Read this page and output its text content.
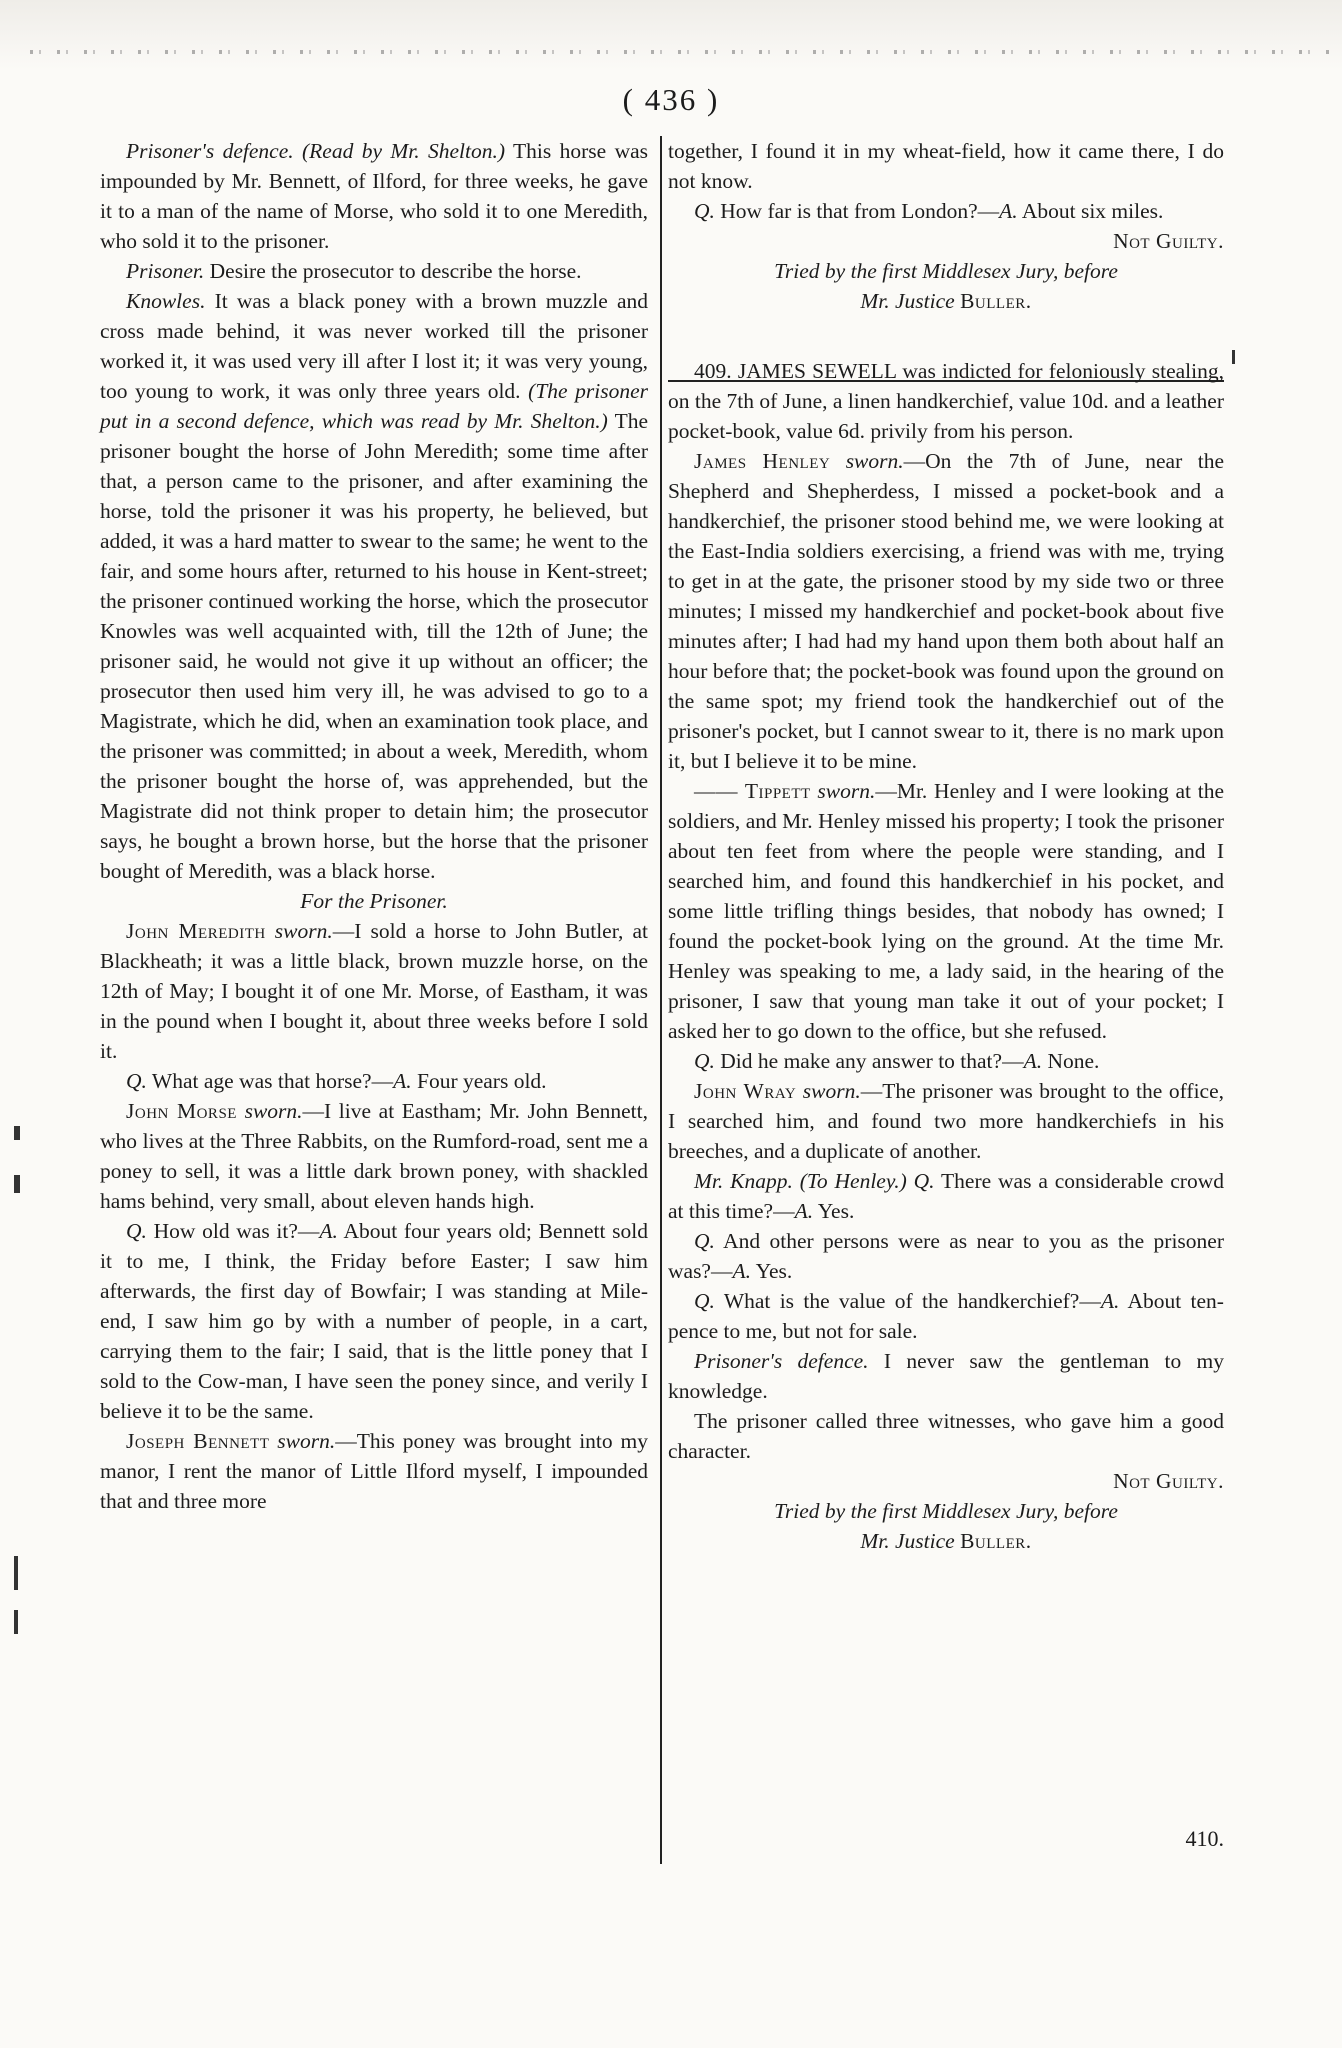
( 436 )

Prisoner's defence. (Read by Mr. Shelton.) This horse was impounded by Mr. Bennett, of Ilford, for three weeks, he gave it to a man of the name of Morse, who sold it to one Meredith, who sold it to the prisoner.

Prisoner. Desire the prosecutor to describe the horse.

Knowles. It was a black poney with a brown muzzle and cross made behind, it was never worked till the prisoner worked it, it was used very ill after I lost it; it was very young, too young to work, it was only three years old. (The prisoner put in a second defence, which was read by Mr. Shelton.) The prisoner bought the horse of John Meredith; some time after that, a person came to the prisoner, and after examining the horse, told the prisoner it was his property, he believed, but added, it was a hard matter to swear to the same; he went to the fair, and some hours after, returned to his house in Kent-street; the prisoner continued working the horse, which the prosecutor Knowles was well acquainted with, till the 12th of June; the prisoner said, he would not give it up without an officer; the prosecutor then used him very ill, he was advised to go to a Magistrate, which he did, when an examination took place, and the prisoner was committed; in about a week, Meredith, whom the prisoner bought the horse of, was apprehended, but the Magistrate did not think proper to detain him; the prosecutor says, he bought a brown horse, but the horse that the prisoner bought of Meredith, was a black horse.

For the Prisoner.

John Meredith sworn.—I sold a horse to John Butler, at Blackheath; it was a little black, brown muzzle horse, on the 12th of May; I bought it of one Mr. Morse, of Eastham, it was in the pound when I bought it, about three weeks before I sold it.

Q. What age was that horse?—A. Four years old.

John Morse sworn.—I live at Eastham; Mr. John Bennett, who lives at the Three Rabbits, on the Rumford-road, sent me a poney to sell, it was a little dark brown poney, with shackled hams behind, very small, about eleven hands high.

Q. How old was it?—A. About four years old; Bennett sold it to me, I think, the Friday before Easter; I saw him afterwards, the first day of Bowfair; I was standing at Mile-end, I saw him go by with a number of people, in a cart, carrying them to the fair; I said, that is the little poney that I sold to the Cow-man, I have seen the poney since, and verily I believe it to be the same.

Joseph Bennett sworn.—This poney was brought into my manor, I rent the manor of Little Ilford myself, I impounded that and three more

together, I found it in my wheat-field, how it came there, I do not know.

Q. How far is that from London?—A. About six miles.

Not Guilty.

Tried by the first Middlesex Jury, before

Mr. Justice Buller.

409. JAMES SEWELL was indicted for feloniously stealing, on the 7th of June, a linen handkerchief, value 10d. and a leather pocket-book, value 6d. privily from his person.

James Henley sworn.—On the 7th of June, near the Shepherd and Shepherdess, I missed a pocket-book and a handkerchief, the prisoner stood behind me, we were looking at the East-India soldiers exercising, a friend was with me, trying to get in at the gate, the prisoner stood by my side two or three minutes; I missed my handkerchief and pocket-book about five minutes after; I had had my hand upon them both about half an hour before that; the pocket-book was found upon the ground on the same spot; my friend took the handkerchief out of the prisoner's pocket, but I cannot swear to it, there is no mark upon it, but I believe it to be mine.

—— Tippett sworn.—Mr. Henley and I were looking at the soldiers, and Mr. Henley missed his property; I took the prisoner about ten feet from where the people were standing, and I searched him, and found this handkerchief in his pocket, and some little trifling things besides, that nobody has owned; I found the pocket-book lying on the ground. At the time Mr. Henley was speaking to me, a lady said, in the hearing of the prisoner, I saw that young man take it out of your pocket; I asked her to go down to the office, but she refused.

Q. Did he make any answer to that?—A. None.

John Wray sworn.—The prisoner was brought to the office, I searched him, and found two more handkerchiefs in his breeches, and a duplicate of another.

Mr. Knapp. (To Henley.) Q. There was a considerable crowd at this time?—A. Yes.

Q. And other persons were as near to you as the prisoner was?—A. Yes.

Q. What is the value of the handkerchief?—A. About ten-pence to me, but not for sale.

Prisoner's defence. I never saw the gentleman to my knowledge.

The prisoner called three witnesses, who gave him a good character.

Not Guilty.

Tried by the first Middlesex Jury, before

Mr. Justice Buller.

410.
